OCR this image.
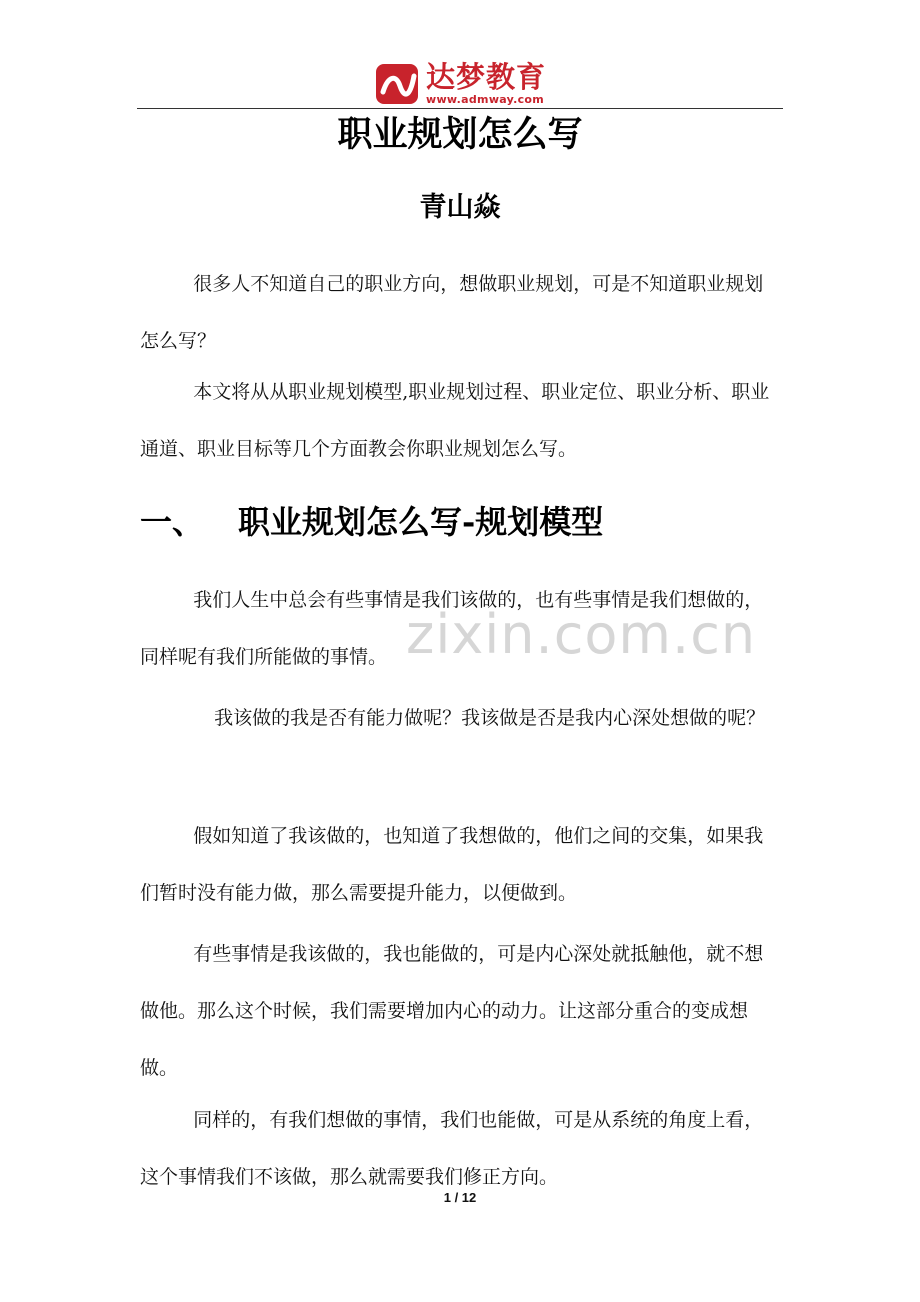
达梦教育
www.admway.com
职业规划怎么写
青山焱

很多人不知道自己的职业方向，想做职业规划，可是不知道职业规划怎么写？

本文将从从职业规划模型,职业规划过程、职业定位、职业分析、职业通道、职业目标等几个方面教会你职业规划怎么写。

一、	职业规划怎么写-规划模型

我们人生中总会有些事情是我们该做的，也有些事情是我们想做的，同样呢有我们所能做的事情。

我该做的我是否有能力做呢？我该做是否是我内心深处想做的呢？

假如知道了我该做的，也知道了我想做的，他们之间的交集，如果我们暂时没有能力做，那么需要提升能力，以便做到。

有些事情是我该做的，我也能做的，可是内心深处就抵触他，就不想做他。那么这个时候，我们需要增加内心的动力。让这部分重合的变成想做。

同样的，有我们想做的事情，我们也能做，可是从系统的角度上看，这个事情我们不该做，那么就需要我们修正方向。

zixin.com.cn
1 / 12
